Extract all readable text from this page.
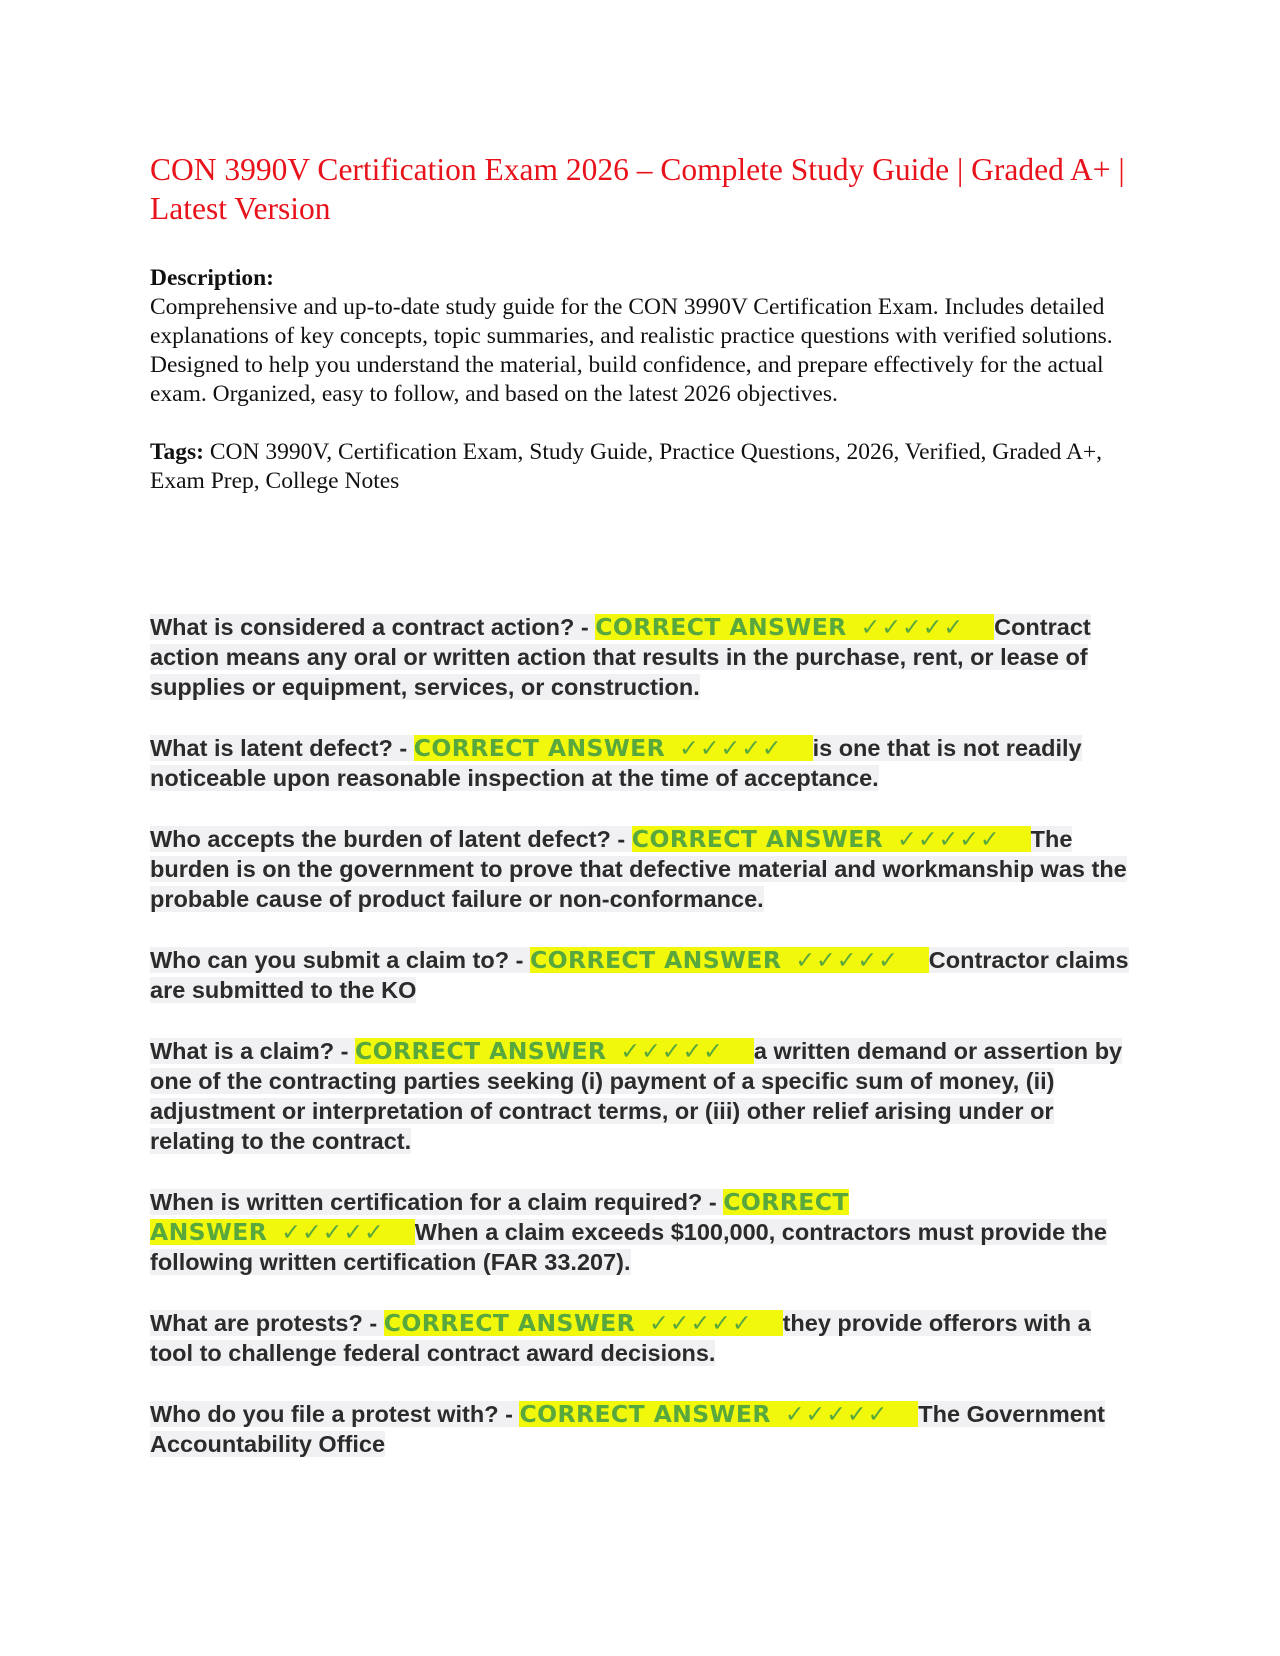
CON 3990V Certification Exam 2026 – Complete Study Guide | Graded A+ | Latest Version
Description:
Comprehensive and up-to-date study guide for the CON 3990V Certification Exam. Includes detailed explanations of key concepts, topic summaries, and realistic practice questions with verified solutions. Designed to help you understand the material, build confidence, and prepare effectively for the actual exam. Organized, easy to follow, and based on the latest 2026 objectives.
Tags: CON 3990V, Certification Exam, Study Guide, Practice Questions, 2026, Verified, Graded A+, Exam Prep, College Notes

What is considered a contract action? - CORRECT ANSWER ✓✓✓✓✓ Contract action means any oral or written action that results in the purchase, rent, or lease of supplies or equipment, services, or construction.

What is latent defect? - CORRECT ANSWER ✓✓✓✓✓ is one that is not readily noticeable upon reasonable inspection at the time of acceptance.

Who accepts the burden of latent defect? - CORRECT ANSWER ✓✓✓✓✓ The burden is on the government to prove that defective material and workmanship was the probable cause of product failure or non-conformance.

Who can you submit a claim to? - CORRECT ANSWER ✓✓✓✓✓ Contractor claims are submitted to the KO

What is a claim? - CORRECT ANSWER ✓✓✓✓✓ a written demand or assertion by one of the contracting parties seeking (i) payment of a specific sum of money, (ii) adjustment or interpretation of contract terms, or (iii) other relief arising under or relating to the contract.

When is written certification for a claim required? - CORRECT ANSWER ✓✓✓✓✓ When a claim exceeds $100,000, contractors must provide the following written certification (FAR 33.207).

What are protests? - CORRECT ANSWER ✓✓✓✓✓ they provide offerors with a tool to challenge federal contract award decisions.

Who do you file a protest with? - CORRECT ANSWER ✓✓✓✓✓ The Government Accountability Office
